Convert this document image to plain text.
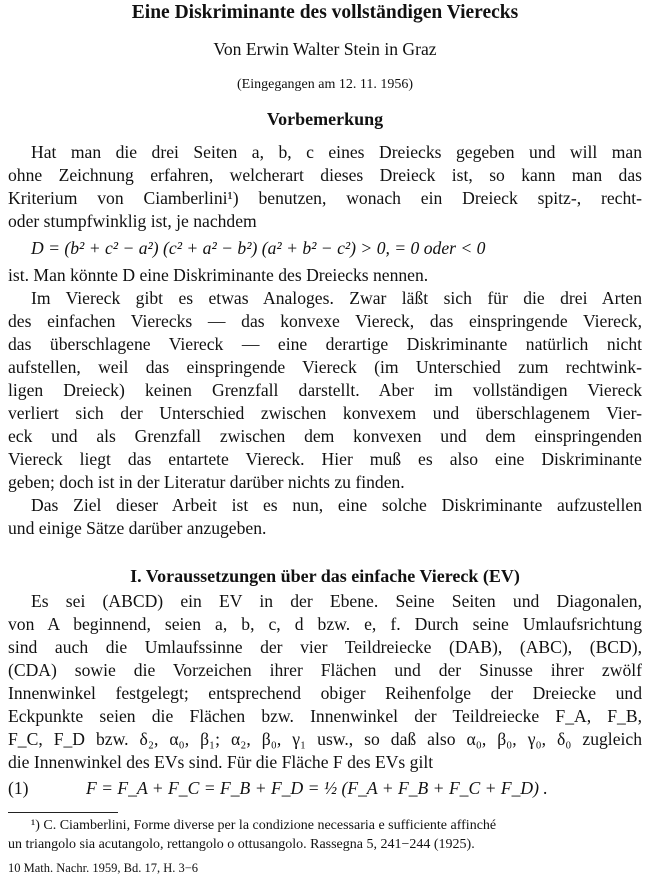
Eine Diskriminante des vollständigen Vierecks
Von Erwin Walter Stein in Graz
(Eingegangen am 12. 11. 1956)
Vorbemerkung
Hat man die drei Seiten a, b, c eines Dreiecks gegeben und will man
ohne Zeichnung erfahren, welcherart dieses Dreieck ist, so kann man das
Kriterium von Ciamberlini¹) benutzen, wonach ein Dreieck spitz-, recht-
oder stumpfwinklig ist, je nachdem
D = (b² + c² − a²) (c² + a² − b²) (a² + b² − c²) > 0, = 0 oder < 0
ist. Man könnte D eine Diskriminante des Dreiecks nennen.
Im Viereck gibt es etwas Analoges. Zwar läßt sich für die drei Arten
des einfachen Vierecks — das konvexe Viereck, das einspringende Viereck,
das überschlagene Viereck — eine derartige Diskriminante natürlich nicht
aufstellen, weil das einspringende Viereck (im Unterschied zum rechtwink-
ligen Dreieck) keinen Grenzfall darstellt. Aber im vollständigen Viereck
verliert sich der Unterschied zwischen konvexem und überschlagenem Vier-
eck und als Grenzfall zwischen dem konvexen und dem einspringenden
Viereck liegt das entartete Viereck. Hier muß es also eine Diskriminante
geben; doch ist in der Literatur darüber nichts zu finden.
Das Ziel dieser Arbeit ist es nun, eine solche Diskriminante aufzustellen
und einige Sätze darüber anzugeben.
I. Voraussetzungen über das einfache Viereck (EV)
Es sei (ABCD) ein EV in der Ebene. Seine Seiten und Diagonalen,
von A beginnend, seien a, b, c, d bzw. e, f. Durch seine Umlaufsrichtung
sind auch die Umlaufssinne der vier Teildreiecke (DAB), (ABC), (BCD),
(CDA) sowie die Vorzeichen ihrer Flächen und der Sinusse ihrer zwölf
Innenwinkel festgelegt; entsprechend obiger Reihenfolge der Dreiecke und
Eckpunkte seien die Flächen bzw. Innenwinkel der Teildreiecke F_A, F_B,
F_C, F_D bzw. δ₂, α₀, β₁; α₂, β₀, γ₁ usw., so daß also α₀, β₀, γ₀, δ₀ zugleich
die Innenwinkel des EVs sind. Für die Fläche F des EVs gilt
(1)	F = F_A + F_C = F_B + F_D = ½ (F_A + F_B + F_C + F_D) .
¹) C. Ciamberlini, Forme diverse per la condizione necessaria e sufficiente affinché
un triangolo sia acutangolo, rettangolo o ottusangolo. Rassegna 5, 241−244 (1925).
10 Math. Nachr. 1959, Bd. 17, H. 3−6
